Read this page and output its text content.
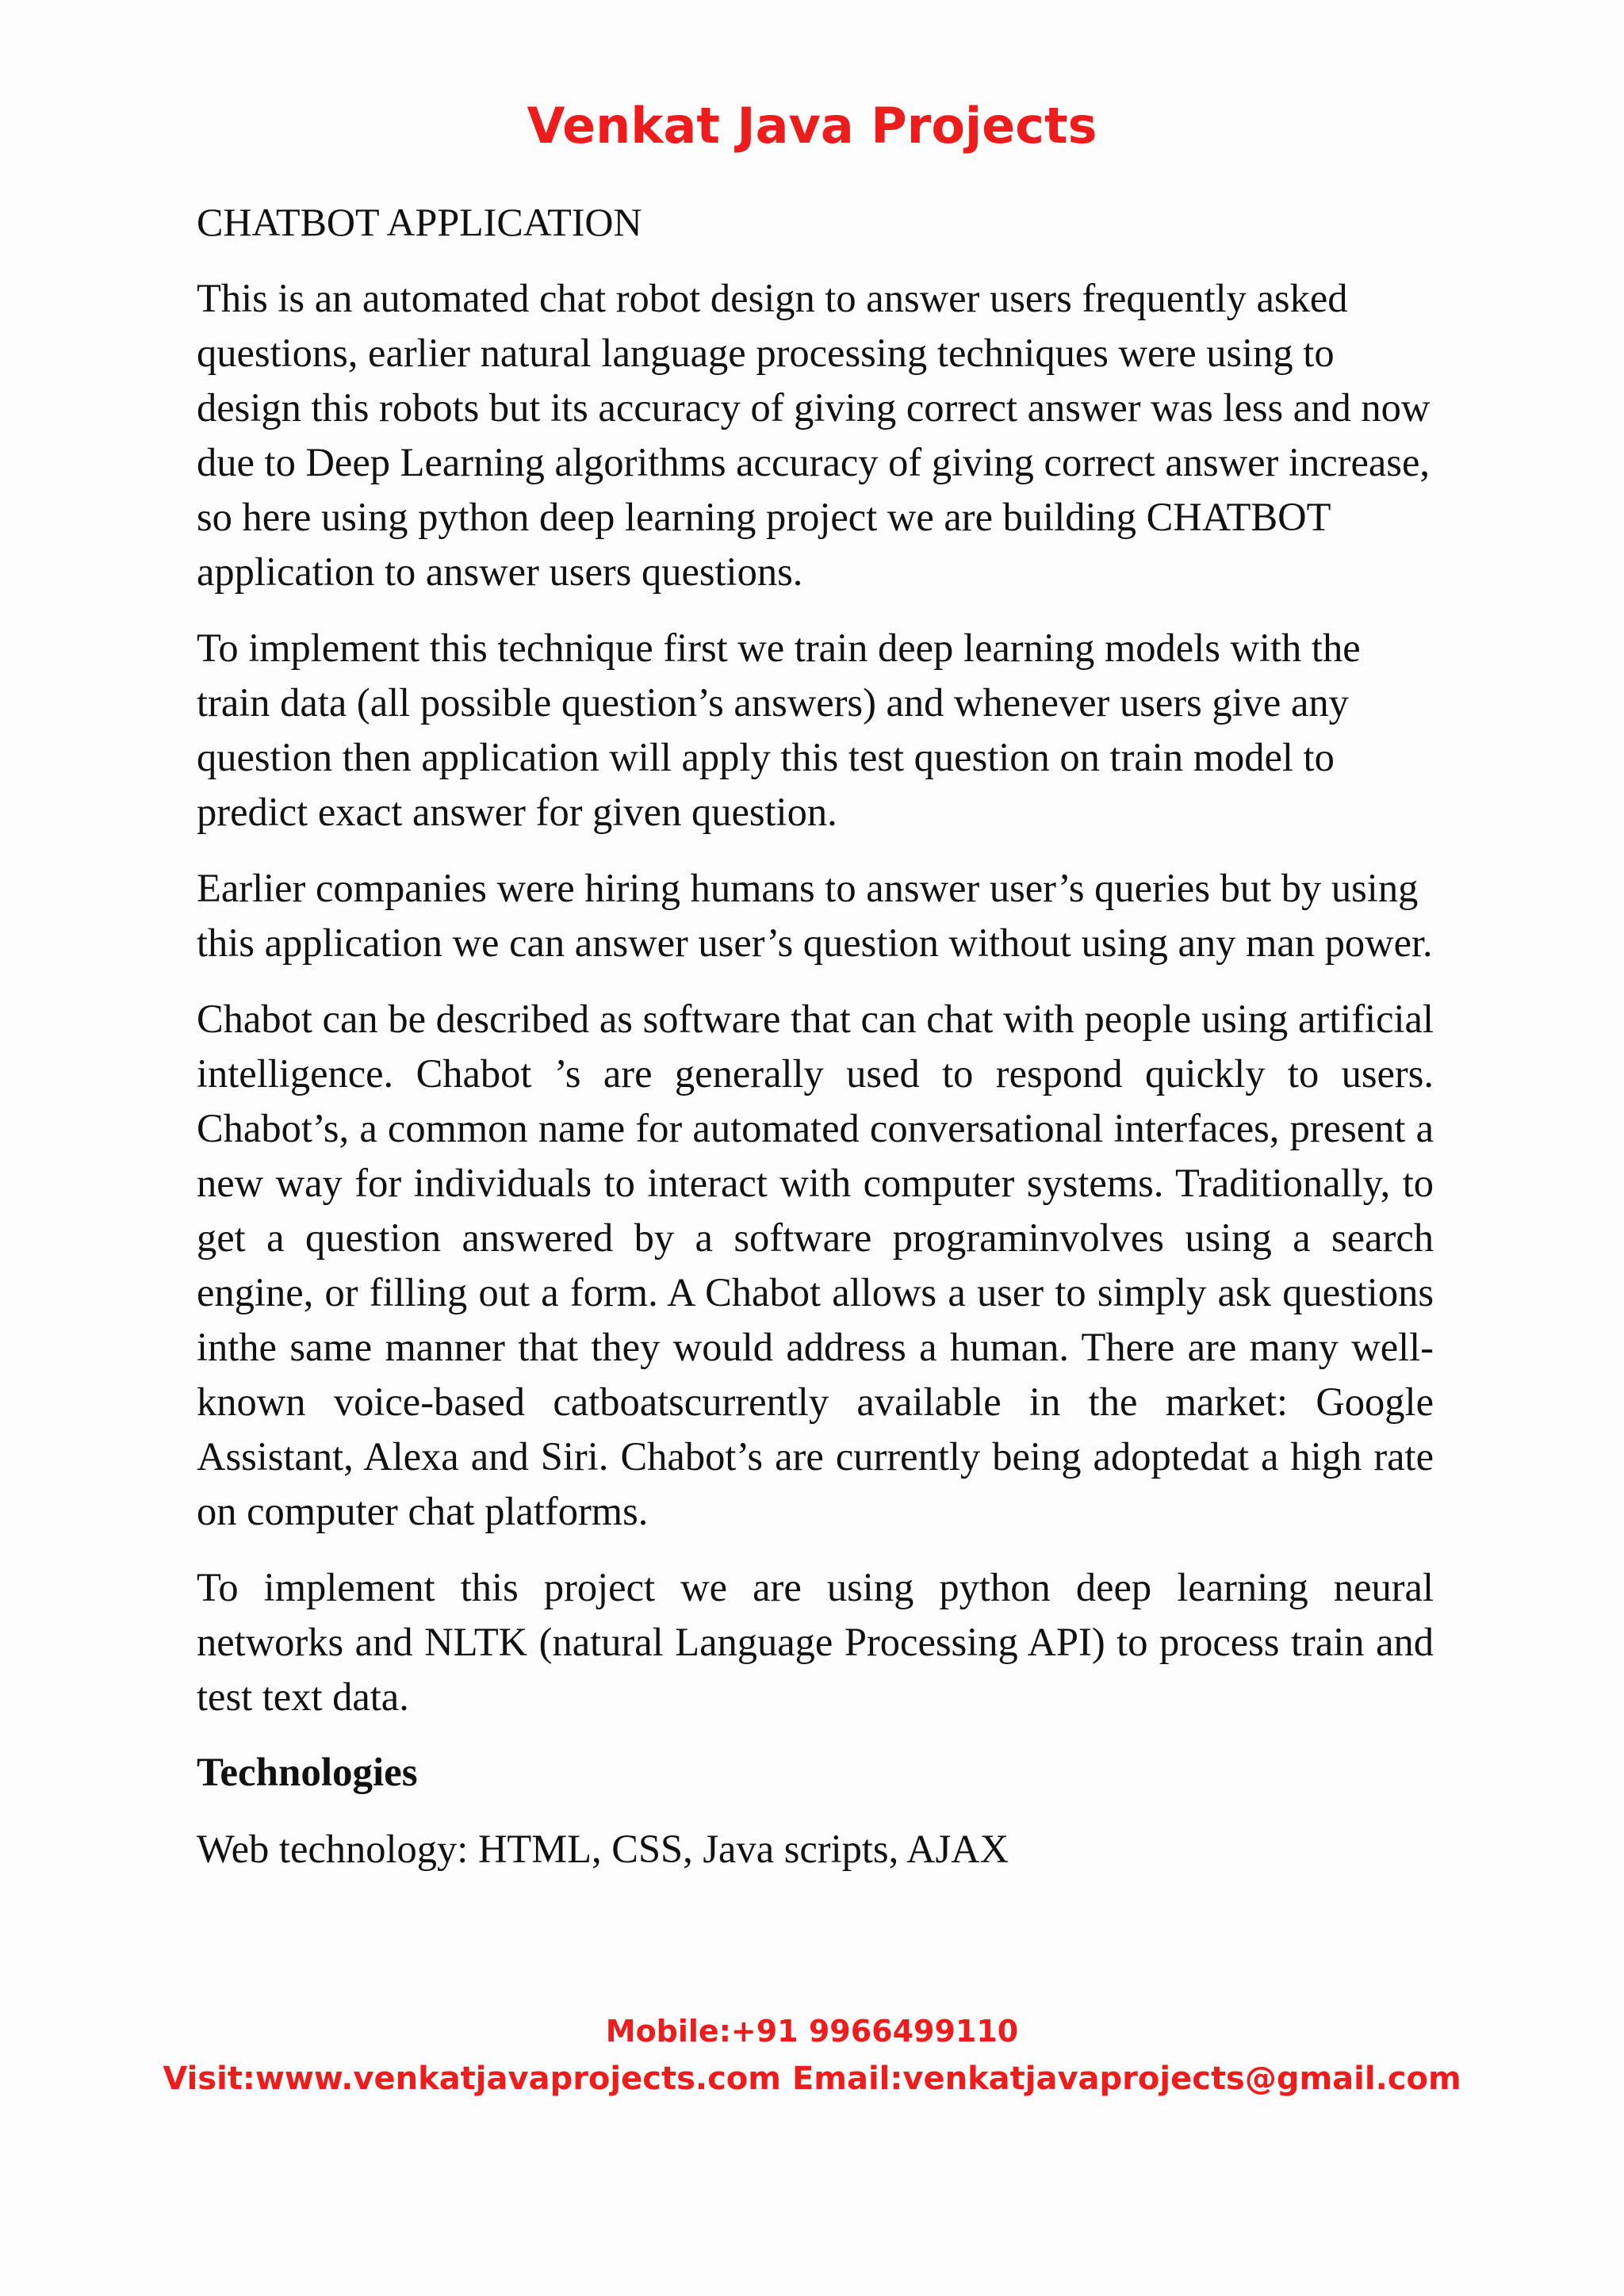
Venkat Java Projects
CHATBOT APPLICATION

This is an automated chat robot design to answer users frequently asked questions, earlier natural language processing techniques were using to design this robots but its accuracy of giving correct answer was less and now due to Deep Learning algorithms accuracy of giving correct answer increase, so here using python deep learning project we are building CHATBOT application to answer users questions.

To implement this technique first we train deep learning models with the train data (all possible question’s answers) and whenever users give any question then application will apply this test question on train model to predict exact answer for given question.

Earlier companies were hiring humans to answer user’s queries but by using this application we can answer user’s question without using any man power.

Chabot can be described as software that can chat with people using artificial intelligence. Chabot ’s are generally used to respond quickly to users. Chabot’s, a common name for automated conversational interfaces, present a new way for individuals to interact with computer systems. Traditionally, to get a question answered by a software programinvolves using a search engine, or filling out a form. A Chabot allows a user to simply ask questions inthe same manner that they would address a human. There are many well-known voice-based catboatscurrently available in the market: Google Assistant, Alexa and Siri. Chabot’s are currently being adoptedat a high rate on computer chat platforms.

To implement this project we are using python deep learning neural networks and NLTK (natural Language Processing API) to process train and test text data.

Technologies

Web technology: HTML, CSS, Java scripts, AJAX

Mobile:+91 9966499110
Visit:www.venkatjavaprojects.com Email:venkatjavaprojects@gmail.com
